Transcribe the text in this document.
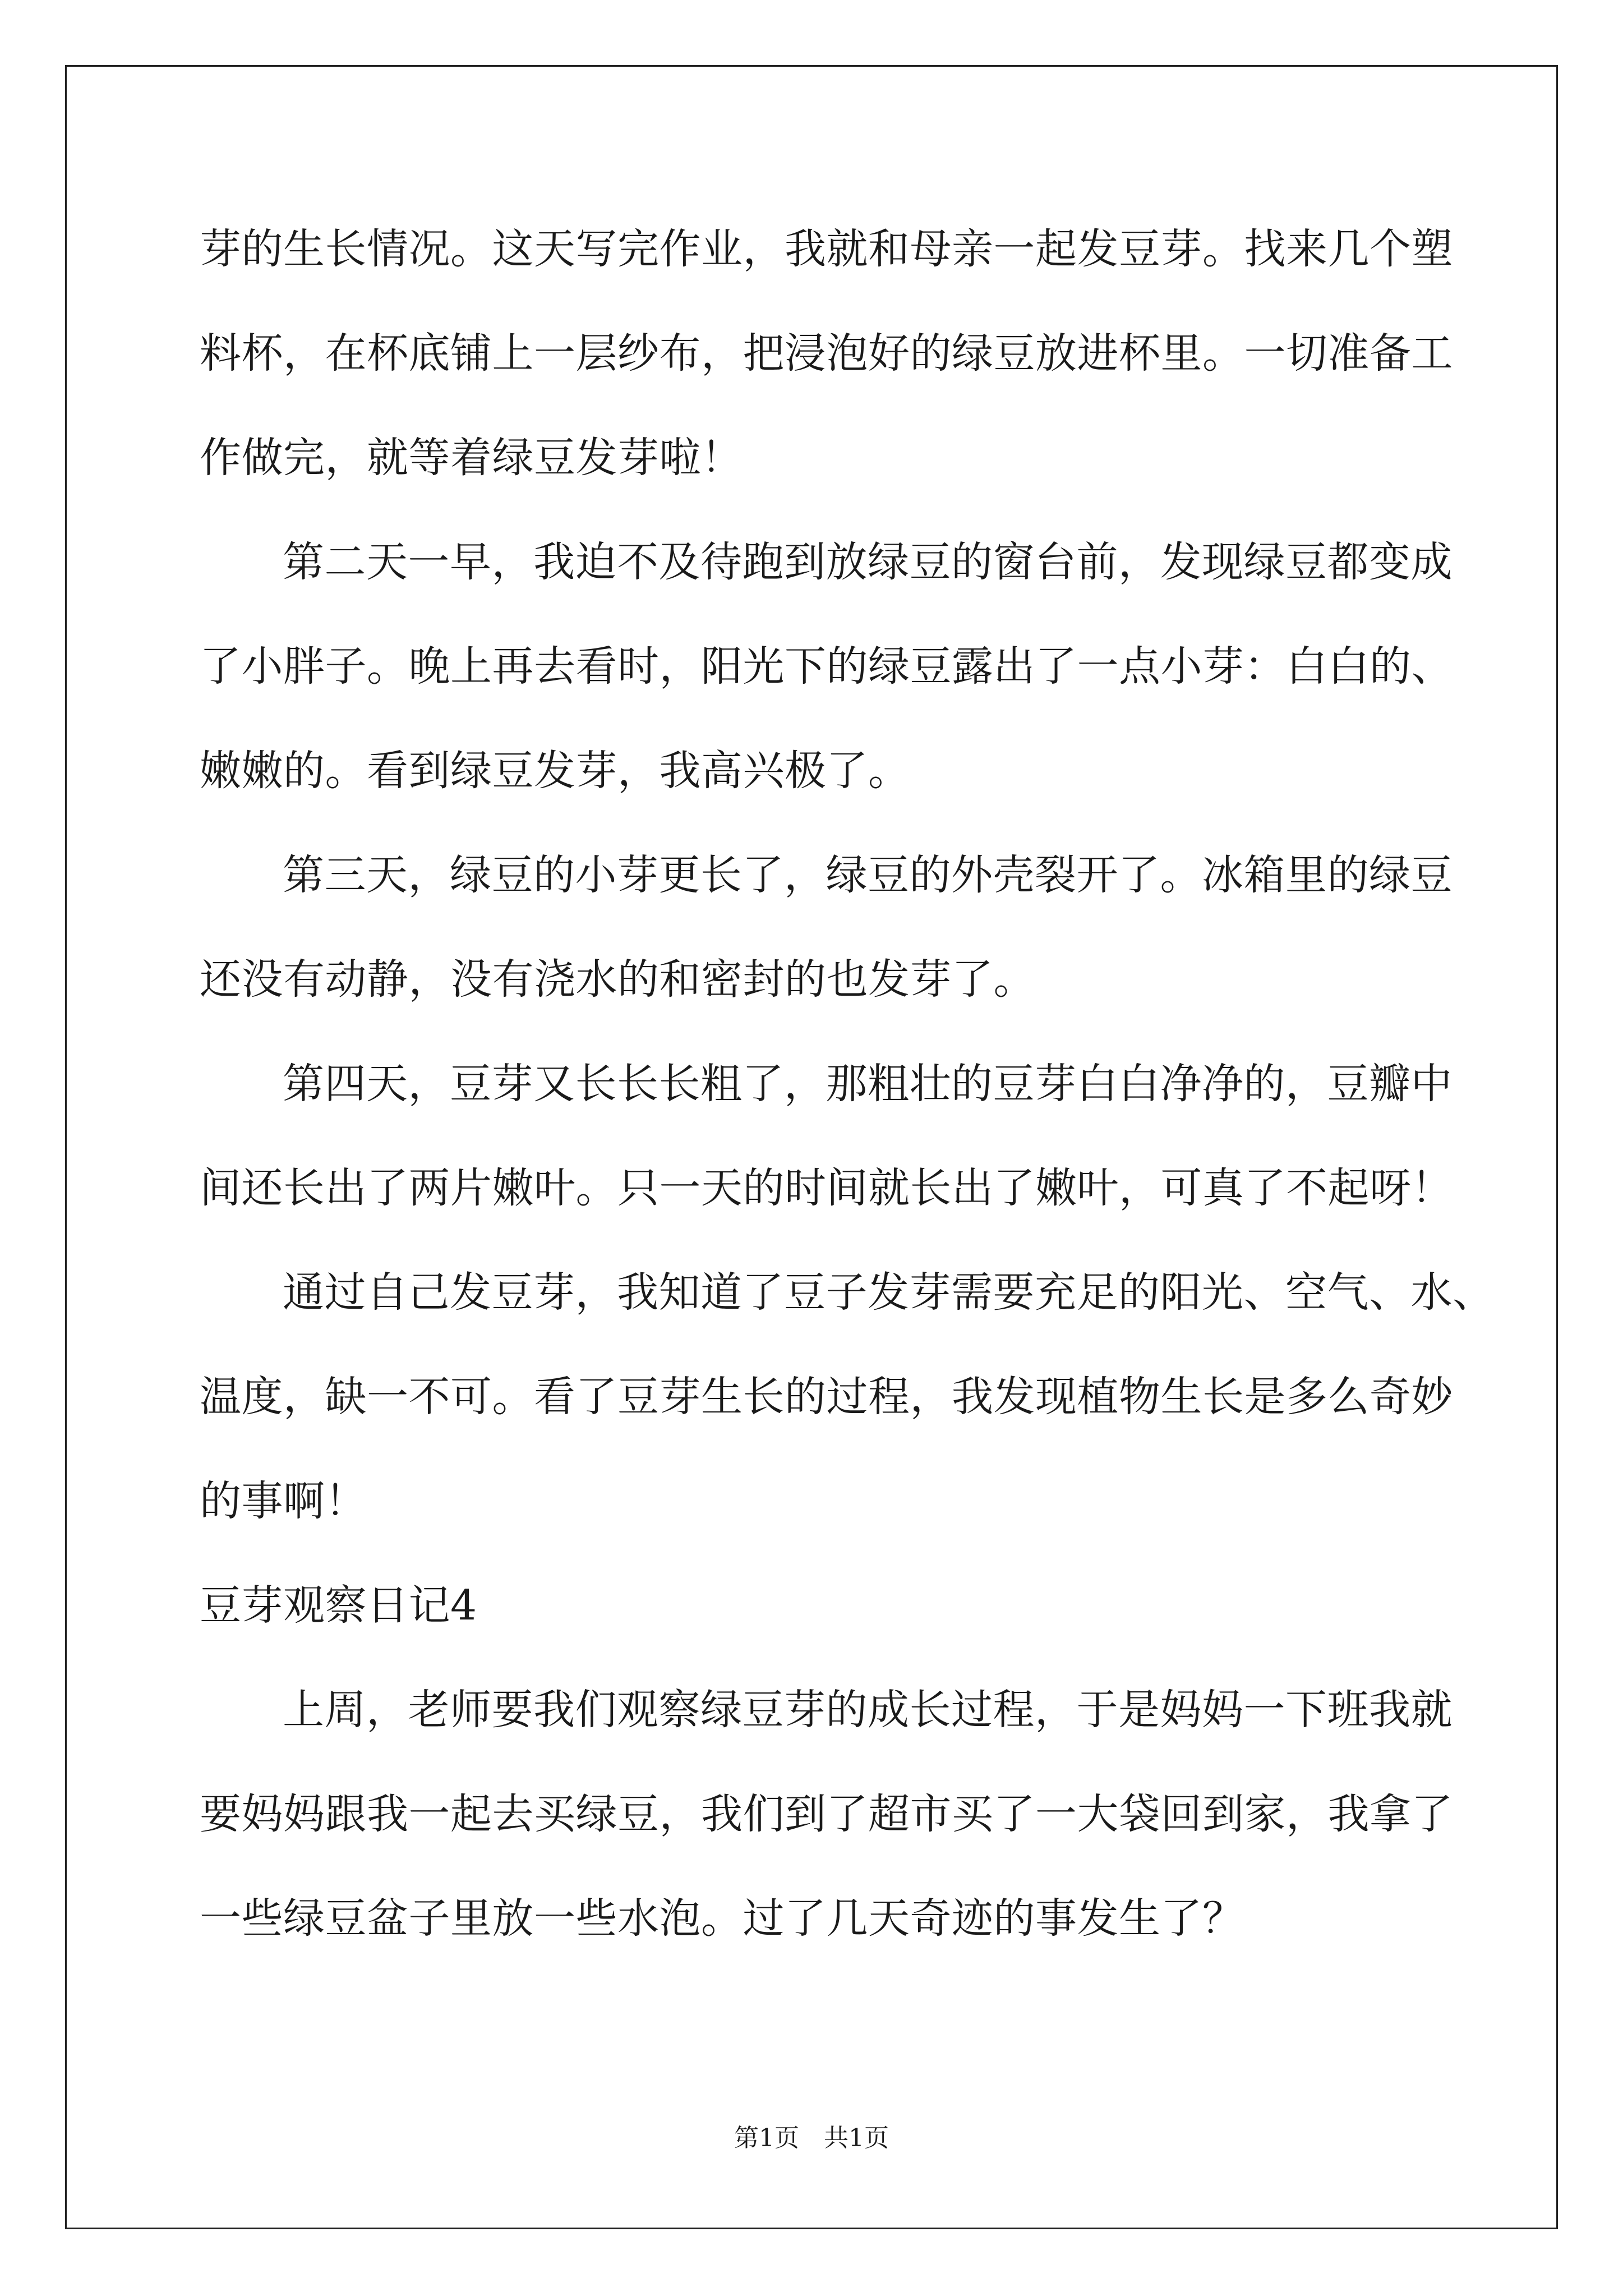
芽的生长情况。这天写完作业，我就和母亲一起发豆芽。找来几个塑
料杯，在杯底铺上一层纱布，把浸泡好的绿豆放进杯里。一切准备工
作做完，就等着绿豆发芽啦！
第二天一早，我迫不及待跑到放绿豆的窗台前，发现绿豆都变成
了小胖子。晚上再去看时，阳光下的绿豆露出了一点小芽：白白的、
嫩嫩的。看到绿豆发芽，我高兴极了。
第三天，绿豆的小芽更长了，绿豆的外壳裂开了。冰箱里的绿豆
还没有动静，没有浇水的和密封的也发芽了。
第四天，豆芽又长长长粗了，那粗壮的豆芽白白净净的，豆瓣中
间还长出了两片嫩叶。只一天的时间就长出了嫩叶，可真了不起呀！
通过自己发豆芽，我知道了豆子发芽需要充足的阳光、空气、水、
温度，缺一不可。看了豆芽生长的过程，我发现植物生长是多么奇妙
的事啊！
豆芽观察日记4
上周，老师要我们观察绿豆芽的成长过程，于是妈妈一下班我就
要妈妈跟我一起去买绿豆，我们到了超市买了一大袋回到家，我拿了
一些绿豆盆子里放一些水泡。过了几天奇迹的事发生了？
第1页 共1页
